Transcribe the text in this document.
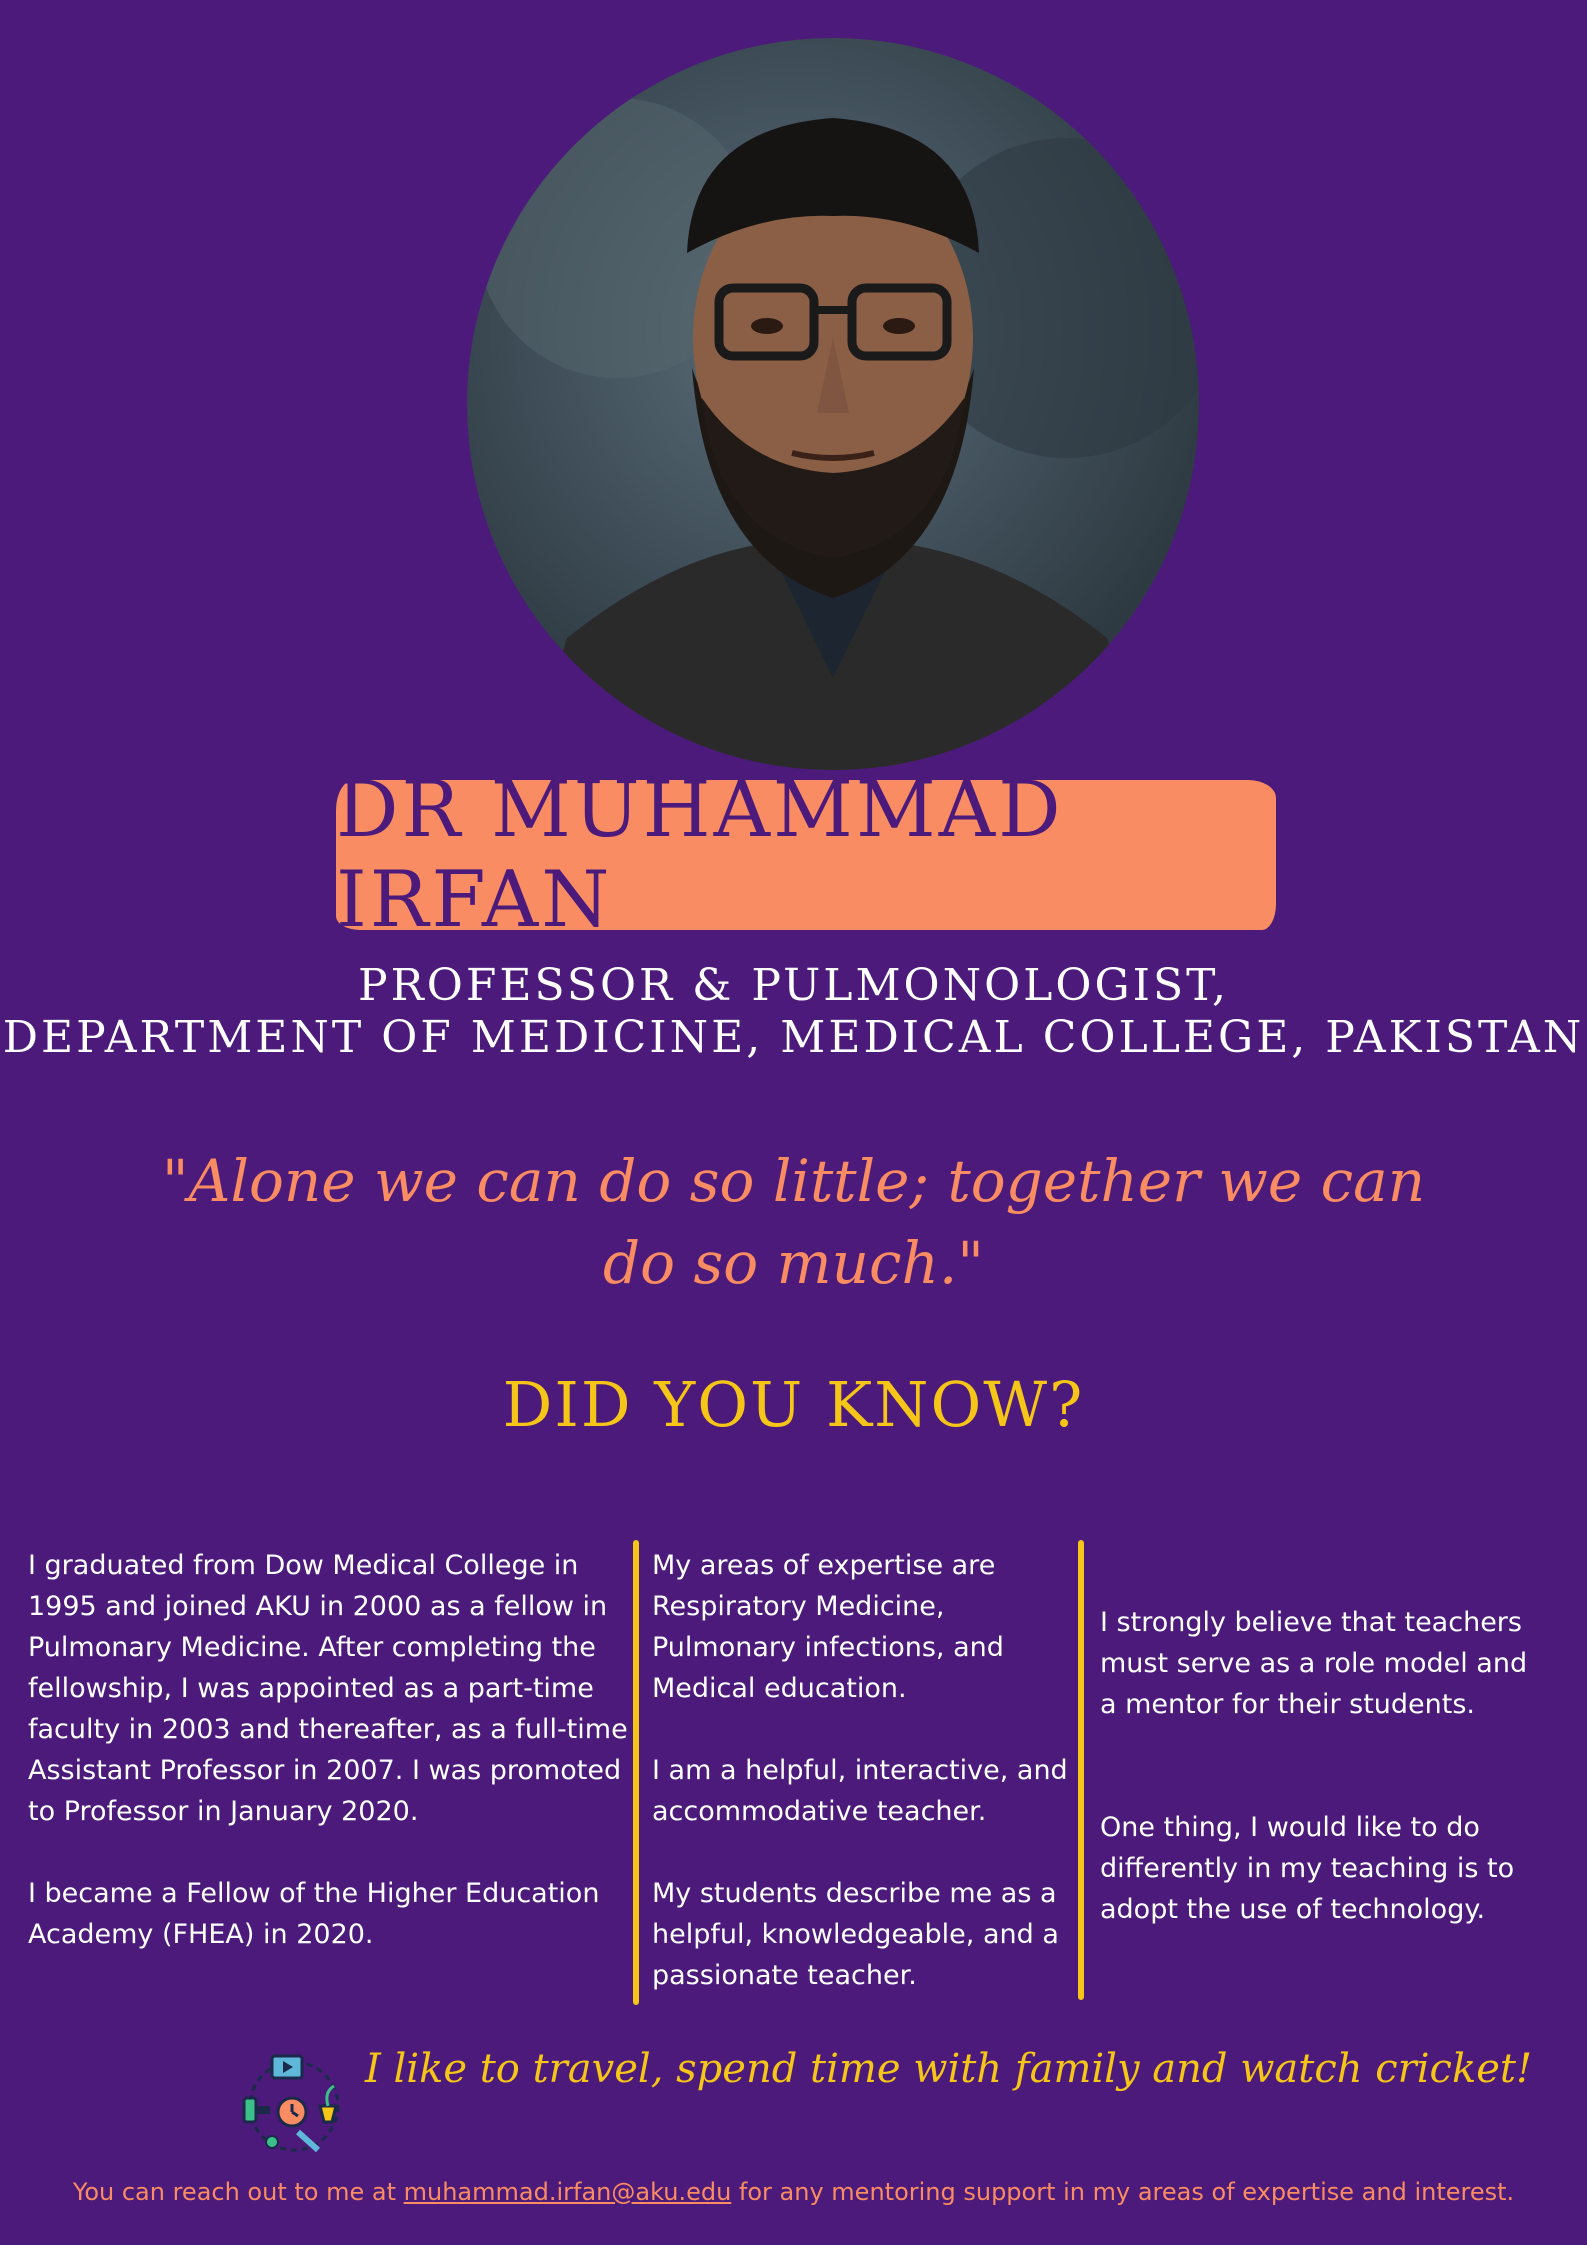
DR MUHAMMAD IRFAN
PROFESSOR & PULMONOLOGIST,
DEPARTMENT OF MEDICINE, MEDICAL COLLEGE, PAKISTAN
"Alone we can do so little; together we can do so much."
DID YOU KNOW?

I graduated from Dow Medical College in 1995 and joined AKU in 2000 as a fellow in Pulmonary Medicine. After completing the fellowship, I was appointed as a part-time faculty in 2003 and thereafter, as a full-time Assistant Professor in 2007. I was promoted to Professor in January 2020.

I became a Fellow of the Higher Education Academy (FHEA) in 2020.

My areas of expertise are Respiratory Medicine, Pulmonary infections, and Medical education.

I am a helpful, interactive, and accommodative teacher.

My students describe me as a helpful, knowledgeable, and a passionate teacher.

I strongly believe that teachers must serve as a role model and a mentor for their students.

One thing, I would like to do differently in my teaching is to adopt the use of technology.

I like to travel, spend time with family and watch cricket!
You can reach out to me at muhammad.irfan@aku.edu for any mentoring support in my areas of expertise and interest.
